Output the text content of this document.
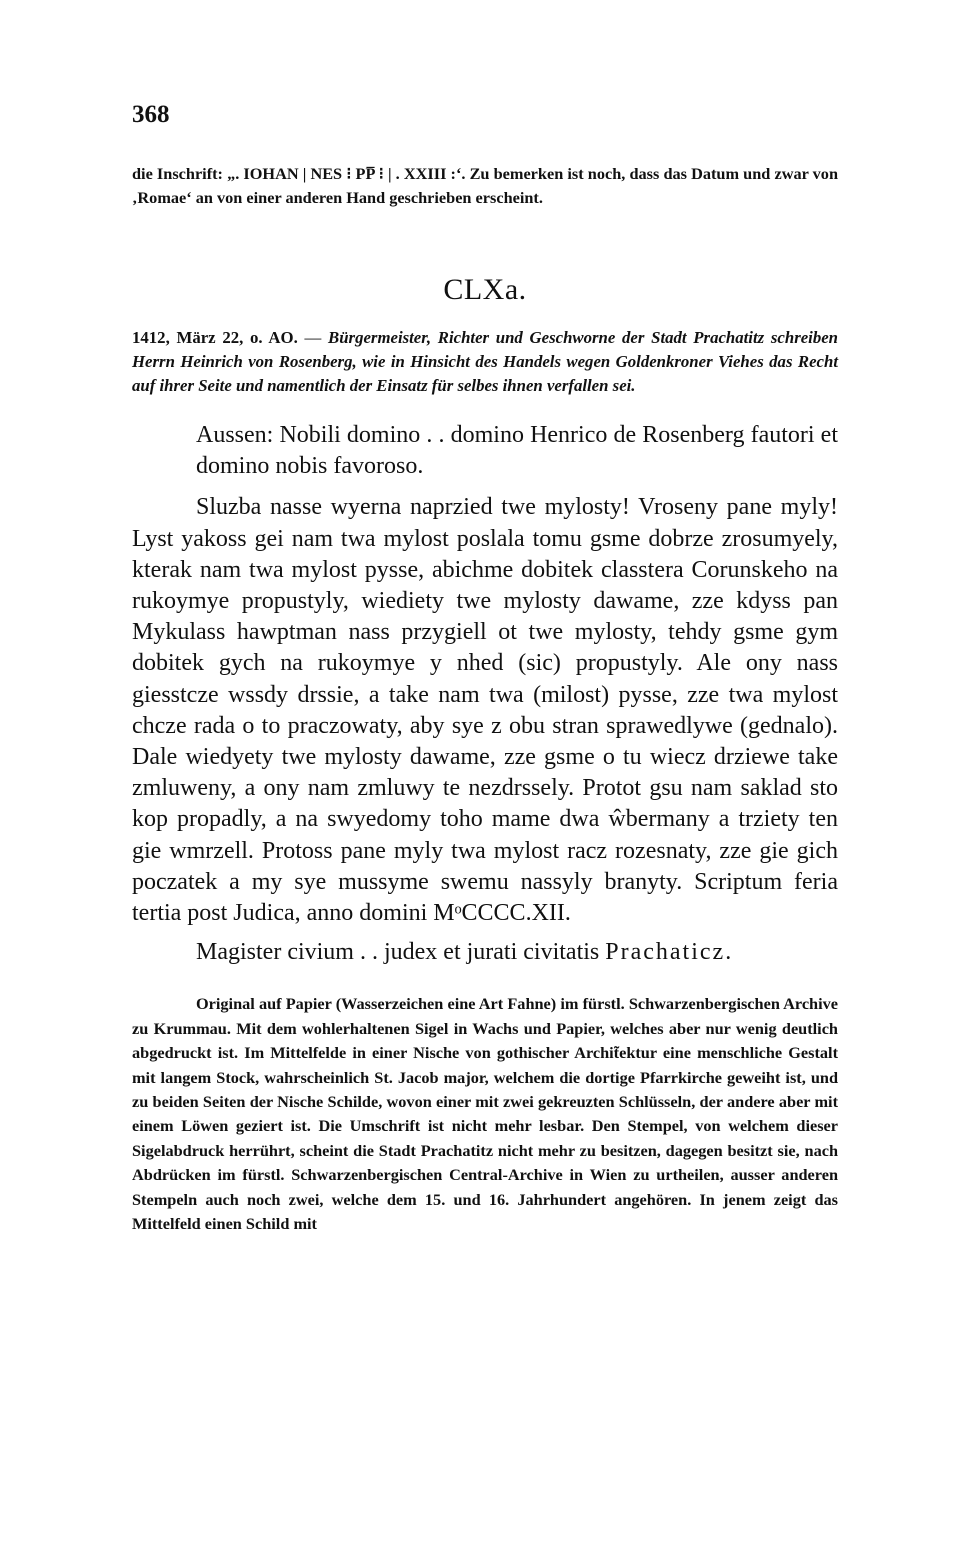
368

die Inschrift: „. IOHAN | NES ⁝ PP̅ ⁝ | . XXIII :‘. Zu bemerken ist noch, dass das Datum und zwar von ‚Romae‘ an von einer anderen Hand geschrieben erscheint.

CLXa.

1412, März 22, o. AO. — Bürgermeister, Richter und Geschworne der Stadt Prachatitz schreiben Herrn Heinrich von Rosenberg, wie in Hinsicht des Handels wegen Goldenkroner Viehes das Recht auf ihrer Seite und namentlich der Einsatz für selbes ihnen verfallen sei.

Aussen: Nobili domino . . domino Henrico de Rosenberg fautori et domino nobis favoroso.

Sluzba nasse wyerna naprzied twe mylosty! Vroseny pane myly! Lyst yakoss gei nam twa mylost poslala tomu gsme dobrze zrosumyely, kterak nam twa mylost pysse, abichme dobitek classtera Corunskeho na rukoymye propustyly, wiediety twe mylosty dawame, zze kdyss pan Mykulass hawptman nass przygiell ot twe mylosty, tehdy gsme gym dobitek gych na rukoymye y nhed (sic) propustyly. Ale ony nass giesstcze wssdy drssie, a take nam twa (milost) pysse, zze twa mylost chcze rada o to praczowaty, aby sye z obu stran sprawedlywe (gednalo). Dale wiedyety twe mylosty dawame, zze gsme o tu wiecz drziewe take zmluweny, a ony nam zmluwy te nezdrssely. Protot gsu nam saklad sto kop propadly, a na swyedomy toho mame dwa ŵbermany a trziety ten gie wmrzell. Protoss pane myly twa mylost racz rozesnaty, zze gie gich poczatek a my sye mussyme swemu nassyly branyty. Scriptum feria tertia post Judica, anno domini MᵒCCCC.XII.

Magister civium . . judex et jurati civitatis Prachaticz.

Original auf Papier (Wasserzeichen eine Art Fahne) im fürstl. Schwarzenbergischen Archive zu Krummau. Mit dem wohlerhaltenen Sigel in Wachs und Papier, welches aber nur wenig deutlich abgedruckt ist. Im Mittelfelde in einer Nische von gothischer Archit̃ektur eine menschliche Gestalt mit langem Stock, wahrscheinlich St. Jacob major, welchem die dortige Pfarrkirche geweiht ist, und zu beiden Seiten der Nische Schilde, wovon einer mit zwei gekreuzten Schlüsseln, der andere aber mit einem Löwen geziert ist. Die Umschrift ist nicht mehr lesbar. Den Stempel, von welchem dieser Sigelabdruck herrührt, scheint die Stadt Prachatitz nicht mehr zu besitzen, dagegen besitzt sie, nach Abdrücken im fürstl. Schwarzenbergischen Central-Archive in Wien zu urtheilen, ausser anderen Stempeln auch noch zwei, welche dem 15. und 16. Jahrhundert angehören. In jenem zeigt das Mittelfeld einen Schild mit
